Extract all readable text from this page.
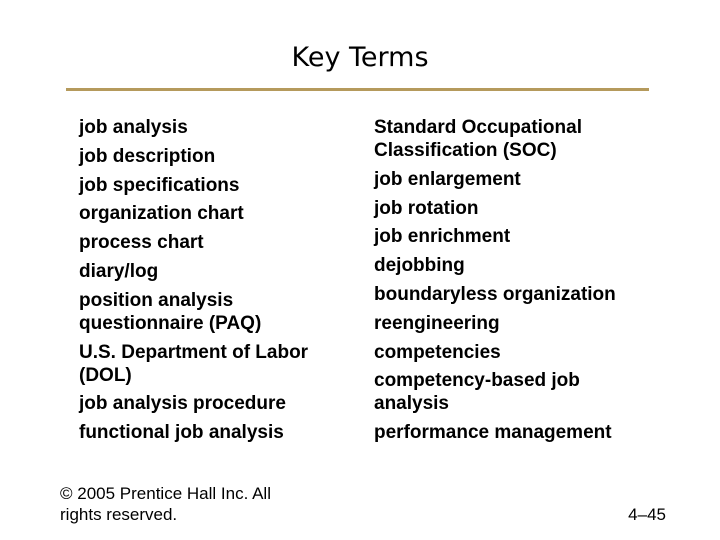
Key Terms
job analysis
job description
job specifications
organization chart
process chart
diary/log
position analysis questionnaire (PAQ)
U.S. Department of Labor (DOL)
job analysis procedure
functional job analysis
Standard Occupational Classification (SOC)
job enlargement
job rotation
job enrichment
dejobbing
boundaryless organization
reengineering
competencies
competency-based job analysis
performance management
© 2005 Prentice Hall Inc. All rights reserved.	4–45
